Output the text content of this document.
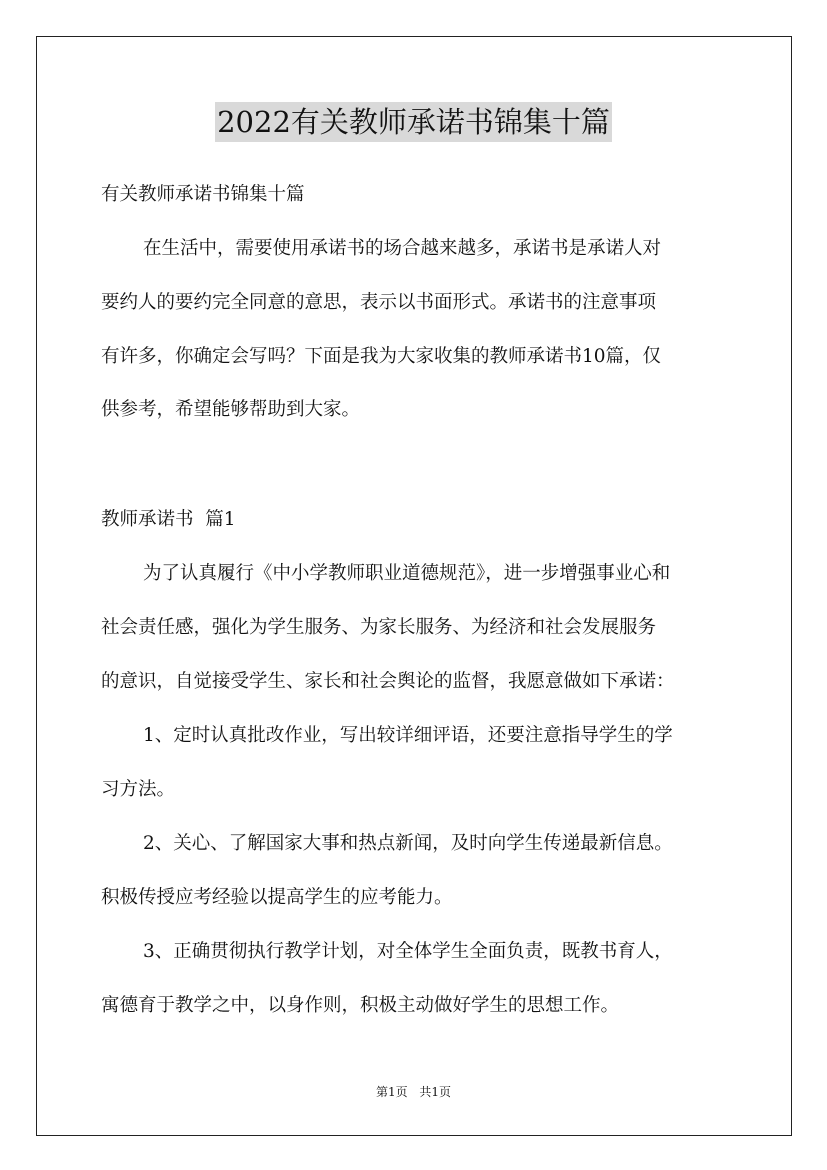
2022有关教师承诺书锦集十篇
有关教师承诺书锦集十篇
在生活中，需要使用承诺书的场合越来越多，承诺书是承诺人对
要约人的要约完全同意的意思，表示以书面形式。承诺书的注意事项
有许多，你确定会写吗？下面是我为大家收集的教师承诺书10篇，仅
供参考，希望能够帮助到大家。
教师承诺书  篇1
为了认真履行《中小学教师职业道德规范》，进一步增强事业心和
社会责任感，强化为学生服务、为家长服务、为经济和社会发展服务
的意识，自觉接受学生、家长和社会舆论的监督，我愿意做如下承诺：
1、定时认真批改作业，写出较详细评语，还要注意指导学生的学
习方法。
2、关心、了解国家大事和热点新闻，及时向学生传递最新信息。
积极传授应考经验以提高学生的应考能力。
3、正确贯彻执行教学计划，对全体学生全面负责，既教书育人，
寓德育于教学之中，以身作则，积极主动做好学生的思想工作。
第1页 共1页
